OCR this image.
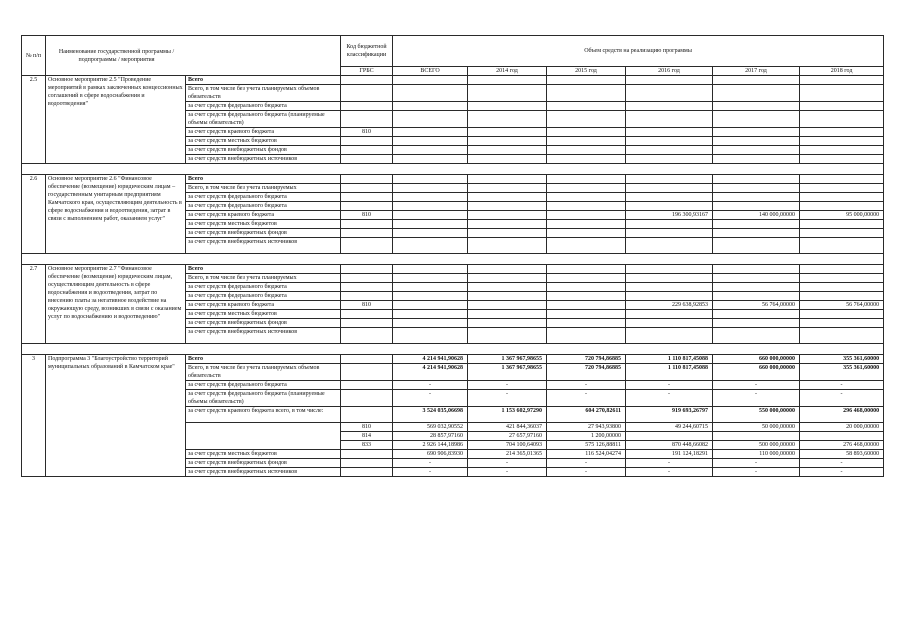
№ п/п	Наименование государственной программы / подпрограммы / мероприятия		Код бюджетной классификации	Объем средств на реализацию программы					
			ГРБС	ВСЕГО	2014 год	2015 год	2016 год	2017 год	2018 год
2.5	Основное мероприятие 2.5 "Проведение мероприятий в рамках заключенных концессионных соглашений в сфере водоснабжения и водоотведения"	Всего							
		Всего, в том числе без учета планируемых объемов обязательств							
		за счет средств федерального бюджета							
		за счет средств федерального бюджета (планируемые объемы обязательств)							
		за счет средств краевого бюджета	810						
		за счет средств местных бюджетов							
		за счет средств внебюджетных фондов							
		за счет средств внебюджетных источников							

2.6	Основное мероприятие 2.6 "Финансовое обеспечение (возмещение) юридическим лицам – государственным унитарным предприятиям Камчатского края, осуществляющим деятельность в сфере водоснабжения и водоотведения, затрат в связи с выполнением работ, оказанием услуг"	Всего							
		Всего, в том числе без учета планируемых							
		за счет средств федерального бюджета							
		за счет средств федерального бюджета							
		за счет средств краевого бюджета	810				196 300,93167	140 000,00000	95 000,00000
		за счет средств местных бюджетов							
		за счет средств внебюджетных фондов							
		за счет средств внебюджетных источников							

2.7	Основное мероприятие 2.7 "Финансовое обеспечение (возмещение) юридическим лицам, осуществляющим деятельность в сфере водоснабжения и водоотведения, затрат по внесению платы за негативное воздействие на окружающую среду, возникших в связи с оказанием услуг по водоснабжению и водоотведению"	Всего							
		Всего, в том числе без учета планируемых							
		за счет средств федерального бюджета							
		за счет средств федерального бюджета							
		за счет средств краевого бюджета	810				229 638,92853	56 764,00000	56 764,00000
		за счет средств местных бюджетов							
		за счет средств внебюджетных фондов							
		за счет средств внебюджетных источников							

3	Подпрограмма 3 "Благоустройство территорий муниципальных образований в Камчатском крае"	Всего		4 214 941,90628	1 367 967,98655	720 794,86885	1 110 817,45088	660 000,00000	355 361,60000
		Всего, в том числе без учета планируемых объемов обязательств		4 214 941,90628	1 367 967,98655	720 794,86885	1 110 817,45088	660 000,00000	355 361,60000
		за счет средств федерального бюджета		-	-	-	-	-	-
		за счет средств федерального бюджета (планируемые объемы обязательств)		-	-	-	-	-	-
		за счет средств краевого бюджета всего, в том числе:		3 524 035,06698	1 153 602,97290	604 270,82611	919 693,26797	550 000,00000	296 468,00000
			810	569 032,90552	421 844,36037	27 943,93800	49 244,60715	50 000,00000	20 000,00000
			814	28 857,97160	27 657,97160	1 200,00000			
			833	2 926 144,18986	704 100,64093	575 126,88811	870 448,66082	500 000,00000	276 468,00000
		за счет средств местных бюджетов		690 906,83930	214 365,01365	116 524,04274	191 124,18291	110 000,00000	58 893,60000
		за счет средств внебюджетных фондов		-	-	-	-	-	-
		за счет средств внебюджетных источников		-	-	-	-	-	-
